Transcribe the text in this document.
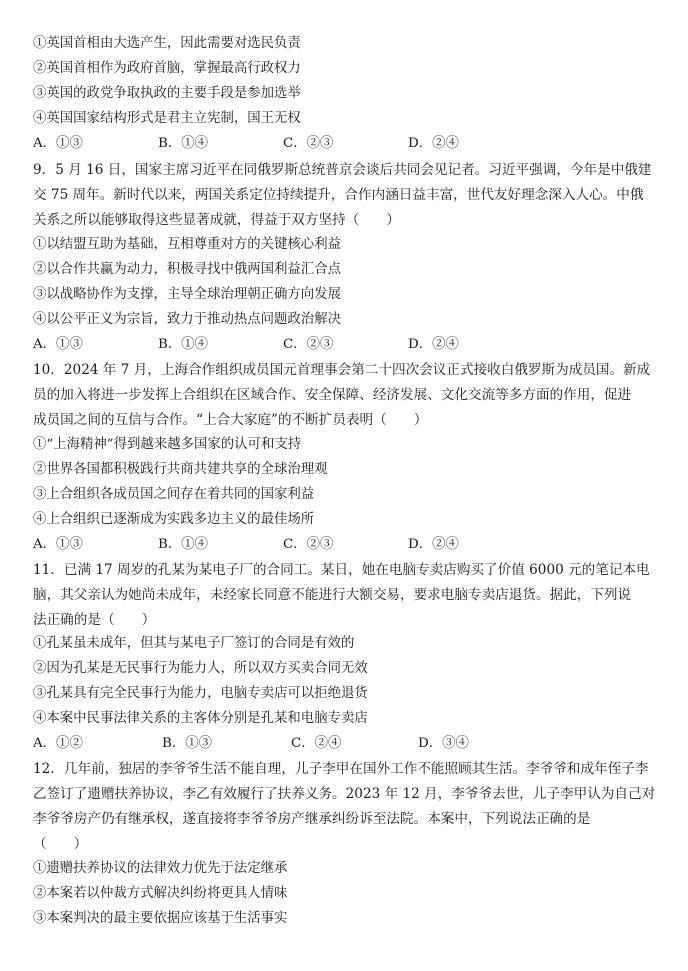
①英国首相由大选产生，因此需要对选民负责
②英国首相作为政府首脑，掌握最高行政权力
③英国的政党争取执政的主要手段是参加选举
④英国国家结构形式是君主立宪制，国王无权
A．①③	B．①④	C．②③	D．②④
9．5 月 16 日，国家主席习近平在同俄罗斯总统普京会谈后共同会见记者。习近平强调，今年是中俄建
交 75 周年。新时代以来，两国关系定位持续提升，合作内涵日益丰富，世代友好理念深入人心。中俄
关系之所以能够取得这些显著成就，得益于双方坚持（　　）
①以结盟互助为基础，互相尊重对方的关键核心利益
②以合作共赢为动力，积极寻找中俄两国利益汇合点
③以战略协作为支撑，主导全球治理朝正确方向发展
④以公平正义为宗旨，致力于推动热点问题政治解决
A．①③	B．①④	C．②③	D．②④
10．2024 年 7 月，上海合作组织成员国元首理事会第二十四次会议正式接收白俄罗斯为成员国。新成
员的加入将进一步发挥上合组织在区域合作、安全保障、经济发展、文化交流等多方面的作用，促进
成员国之间的互信与合作。“上合大家庭”的不断扩员表明（　　）
①“上海精神”得到越来越多国家的认可和支持
②世界各国都积极践行共商共建共享的全球治理观
③上合组织各成员国之间存在着共同的国家利益
④上合组织已逐渐成为实践多边主义的最佳场所
A．①③	B．①④	C．②③	D．②④
11．已满 17 周岁的孔某为某电子厂的合同工。某日，她在电脑专卖店购买了价值 6000 元的笔记本电
脑，其父亲认为她尚未成年，未经家长同意不能进行大额交易，要求电脑专卖店退货。据此，下列说
法正确的是（　　）
①孔某虽未成年，但其与某电子厂签订的合同是有效的
②因为孔某是无民事行为能力人，所以双方买卖合同无效
③孔某具有完全民事行为能力，电脑专卖店可以拒绝退货
④本案中民事法律关系的主客体分别是孔某和电脑专卖店
A．①②	B．①③	C．②④	D．③④
12．几年前，独居的李爷爷生活不能自理，儿子李甲在国外工作不能照顾其生活。李爷爷和成年侄子李
乙签订了遗赠扶养协议，李乙有效履行了扶养义务。2023 年 12 月，李爷爷去世，儿子李甲认为自己对
李爷爷房产仍有继承权，遂直接将李爷爷房产继承纠纷诉至法院。本案中，下列说法正确的是
（　　）
①遗赠扶养协议的法律效力优先于法定继承
②本案若以仲裁方式解决纠纷将更具人情味
③本案判决的最主要依据应该基于生活事实
